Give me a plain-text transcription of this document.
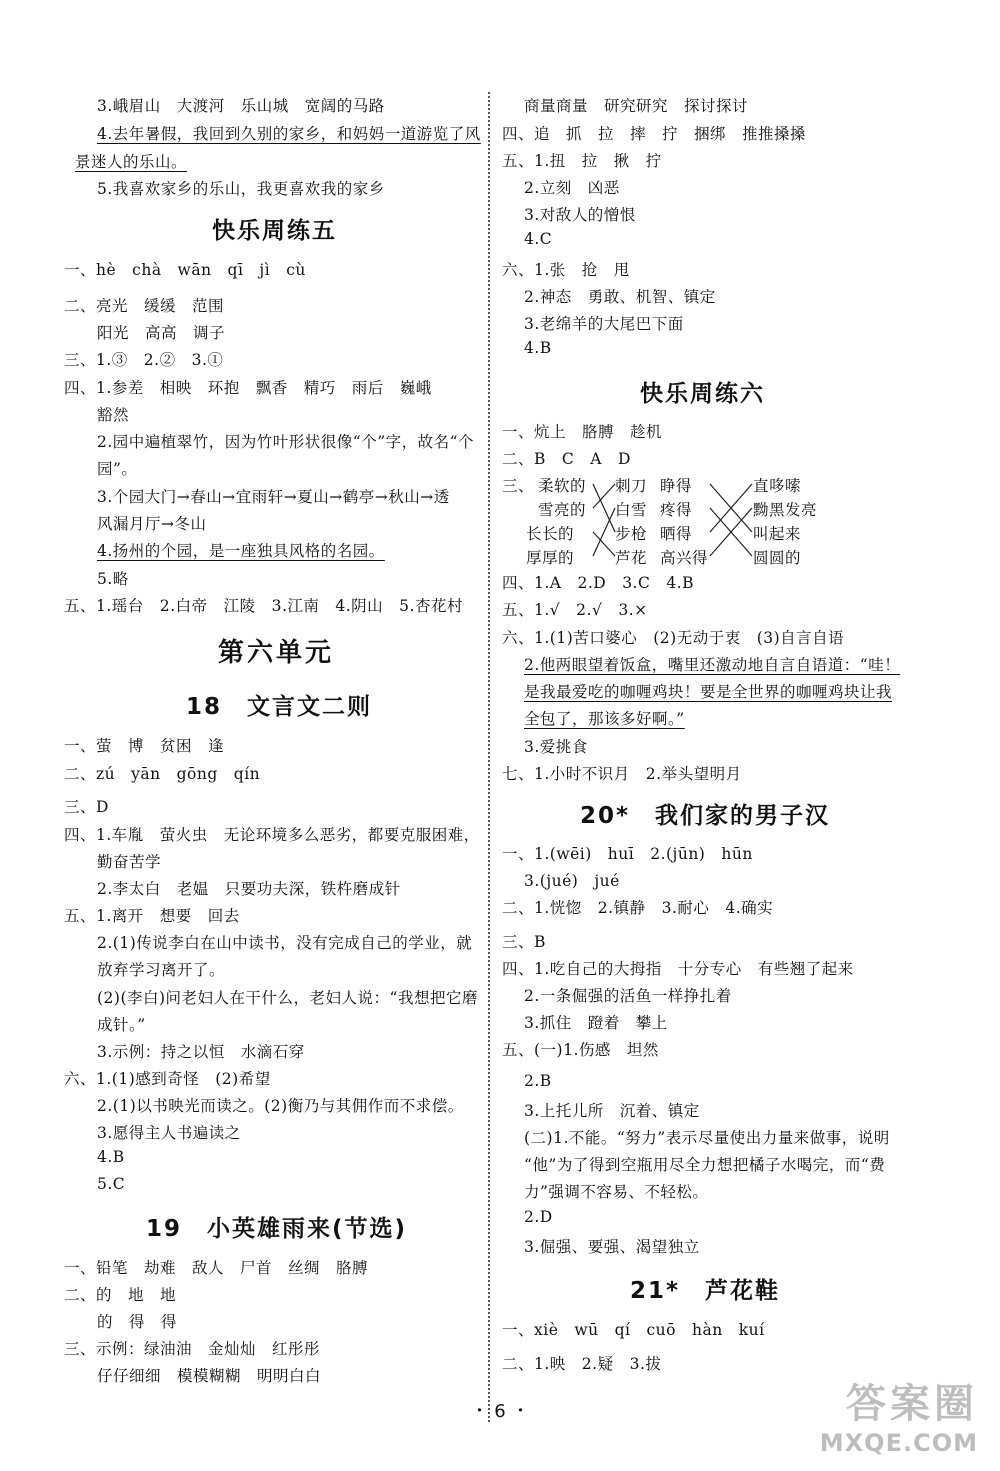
3.峨眉山　大渡河　乐山城　宽阔的马路
4.去年暑假，我回到久别的家乡，和妈妈一道游览了风
景迷人的乐山。
5.我喜欢家乡的乐山，我更喜欢我的家乡
快乐周练五
一、hè　chà　wān　qī　jì　cù
二、亮光　缓缓　范围
阳光　高高　调子
三、1.③　2.②　3.①
四、1.参差　相映　环抱　飘香　精巧　雨后　巍峨
豁然
2.园中遍植翠竹，因为竹叶形状很像“个”字，故名“个
园”。
3.个园大门→春山→宜雨轩→夏山→鹤亭→秋山→透
风漏月厅→冬山
4.扬州的个园，是一座独具风格的名园。
5.略
五、1.瑶台　2.白帝　江陵　3.江南　4.阴山　5.杏花村
第六单元
18　文言文二则
一、萤　博　贫困　逢
二、zú　yān　gōng　qín
三、D
四、1.车胤　萤火虫　无论环境多么恶劣，都要克服困难，
勤奋苦学
2.李太白　老媪　只要功夫深，铁杵磨成针
五、1.离开　想要　回去
2.(1)传说李白在山中读书，没有完成自己的学业，就
放弃学习离开了。
(2)(李白)问老妇人在干什么，老妇人说：“我想把它磨
成针。”
3.示例：持之以恒　水滴石穿
六、1.(1)感到奇怪　(2)希望
2.(1)以书映光而读之。(2)衡乃与其佣作而不求偿。
3.愿得主人书遍读之
4.B
5.C
19　小英雄雨来(节选)
一、铅笔　劫难　敌人　尸首　丝绸　胳膊
二、的　地　地
的　得　得
三、示例：绿油油　金灿灿　红彤彤
仔仔细细　模模糊糊　明明白白
商量商量　研究研究　探讨探讨
四、追　抓　拉　摔　拧　捆绑　推推搡搡
五、1.扭　拉　揪　拧
2.立刻　凶恶
3.对敌人的憎恨
4.C
六、1.张　抢　甩
2.神态　勇敢、机智、镇定
3.老绵羊的大尾巴下面
4.B
快乐周练六
一、炕上　胳膊　趁机
二、B　C　A　D
三、 柔软的
雪亮的
长长的
厚厚的
刺刀
白雪
步枪
芦花
睁得
疼得
晒得
高兴得
直哆嗦
黝黑发亮
叫起来
圆圆的
四、1.A　2.D　3.C　4.B
五、1.√　2.√　3.×
六、1.(1)苦口婆心　(2)无动于衷　(3)自言自语
2.他两眼望着饭盒，嘴里还激动地自言自语道：“哇！
是我最爱吃的咖喱鸡块！要是全世界的咖喱鸡块让我
全包了，那该多好啊。”
3.爱挑食
七、1.小时不识月　2.举头望明月
20*　我们家的男子汉
一、1.(wēi)　huī　2.(jūn)　hūn
3.(jué)　jué
二、1.恍惚　2.镇静　3.耐心　4.确实
三、B
四、1.吃自己的大拇指　十分专心　有些翘了起来
2.一条倔强的活鱼一样挣扎着
3.抓住　蹬着　攀上
五、(一)1.伤感　坦然
2.B
3.上托儿所　沉着、镇定
(二)1.不能。“努力”表示尽量使出力量来做事，说明
“他”为了得到空瓶用尽全力想把橘子水喝完，而“费
力”强调不容易、不轻松。
2.D
3.倔强、要强、渴望独立
21*　芦花鞋
一、xiè　wū　qí　cuō　hàn　kuí
二、1.映　2.疑　3.拔
・ 6 ・	答案圈
MXQE.COM
